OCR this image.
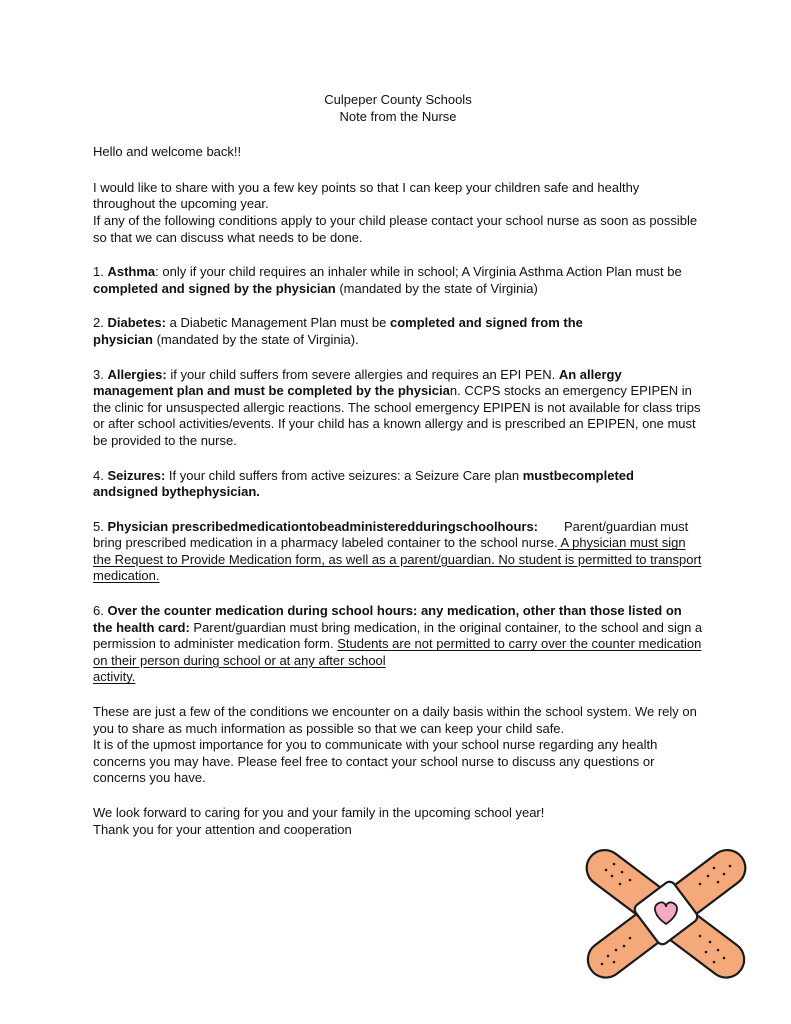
Culpeper County Schools

Note from the Nurse

Hello and welcome back!!

I would like to share with you a few key points so that I can keep your children safe and healthy throughout the upcoming year.
If any of the following conditions apply to your child please contact your school nurse as soon as possible so that we can discuss what needs to be done.

1. Asthma: only if your child requires an inhaler while in school; A Virginia Asthma Action Plan must be completed and signed by the physician (mandated by the state of Virginia)

2. Diabetes: a Diabetic Management Plan must be completed and signed from the physician (mandated by the state of Virginia).

3. Allergies: if your child suffers from severe allergies and requires an EPI PEN. An allergy management plan and must be completed by the physician. CCPS stocks an emergency EPIPEN in the clinic for unsuspected allergic reactions. The school emergency EPIPEN is not available for class trips or after school activities/events. If your child has a known allergy and is prescribed an EPIPEN, one must be provided to the nurse.

4. Seizures: If your child suffers from active seizures: a Seizure Care plan mustbecompleted andsigned bythephysician.

5. Physician prescribedmedicationtobeadministeredduringschoolhours: Parent/guardian must bring prescribed medication in a pharmacy labeled container to the school nurse. A physician must sign the Request to Provide Medication form, as well as a parent/guardian. No student is permitted to transport medication.

6. Over the counter medication during school hours: any medication, other than those listed on the health card: Parent/guardian must bring medication, in the original container, to the school and sign a permission to administer medication form. Students are not permitted to carry over the counter medication on their person during school or at any after school
activity.

These are just a few of the conditions we encounter on a daily basis within the school system. We rely on you to share as much information as possible so that we can keep your child safe.
It is of the upmost importance for you to communicate with your school nurse regarding any health concerns you may have. Please feel free to contact your school nurse to discuss any questions or concerns you have.

We look forward to caring for you and your family in the upcoming school year!
Thank you for your attention and cooperation
